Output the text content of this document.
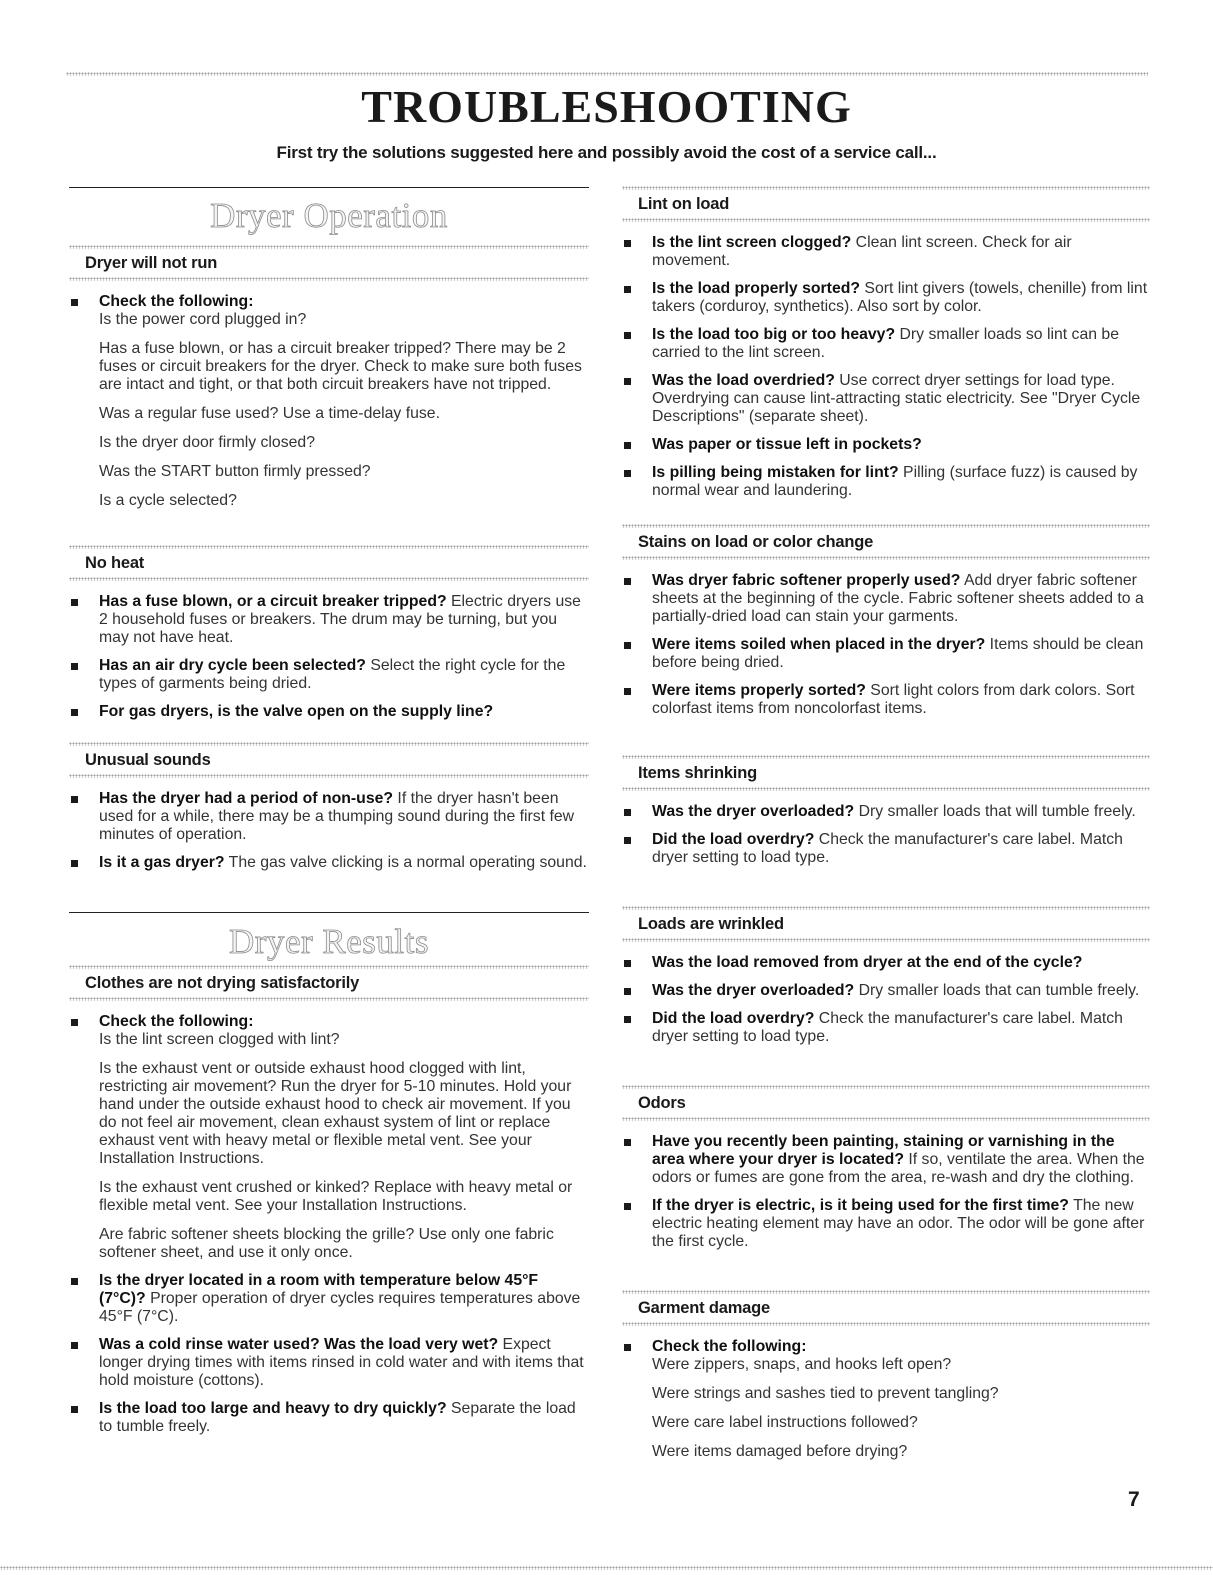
TROUBLESHOOTING

First try the solutions suggested here and possibly avoid the cost of a service call...

Dryer Operation
Dryer will not run
Check the following:
Is the power cord plugged in?
Has a fuse blown, or has a circuit breaker tripped? There may be 2 fuses or circuit breakers for the dryer. Check to make sure both fuses are intact and tight, or that both circuit breakers have not tripped.
Was a regular fuse used? Use a time-delay fuse.
Is the dryer door firmly closed?
Was the START button firmly pressed?
Is a cycle selected?
No heat
Has a fuse blown, or a circuit breaker tripped? Electric dryers use 2 household fuses or breakers. The drum may be turning, but you may not have heat.
Has an air dry cycle been selected? Select the right cycle for the types of garments being dried.
For gas dryers, is the valve open on the supply line?
Unusual sounds
Has the dryer had a period of non-use? If the dryer hasn't been used for a while, there may be a thumping sound during the first few minutes of operation.
Is it a gas dryer? The gas valve clicking is a normal operating sound.
Dryer Results
Clothes are not drying satisfactorily
Check the following:
Is the lint screen clogged with lint?
Is the exhaust vent or outside exhaust hood clogged with lint, restricting air movement? Run the dryer for 5-10 minutes. Hold your hand under the outside exhaust hood to check air movement. If you do not feel air movement, clean exhaust system of lint or replace exhaust vent with heavy metal or flexible metal vent. See your Installation Instructions.
Is the exhaust vent crushed or kinked? Replace with heavy metal or flexible metal vent. See your Installation Instructions.
Are fabric softener sheets blocking the grille? Use only one fabric softener sheet, and use it only once.
Is the dryer located in a room with temperature below 45°F (7°C)? Proper operation of dryer cycles requires temperatures above 45°F (7°C).
Was a cold rinse water used? Was the load very wet? Expect longer drying times with items rinsed in cold water and with items that hold moisture (cottons).
Is the load too large and heavy to dry quickly? Separate the load to tumble freely.
Lint on load
Is the lint screen clogged? Clean lint screen. Check for air movement.
Is the load properly sorted? Sort lint givers (towels, chenille) from lint takers (corduroy, synthetics). Also sort by color.
Is the load too big or too heavy? Dry smaller loads so lint can be carried to the lint screen.
Was the load overdried? Use correct dryer settings for load type. Overdrying can cause lint-attracting static electricity. See "Dryer Cycle Descriptions" (separate sheet).
Was paper or tissue left in pockets?
Is pilling being mistaken for lint? Pilling (surface fuzz) is caused by normal wear and laundering.
Stains on load or color change
Was dryer fabric softener properly used? Add dryer fabric softener sheets at the beginning of the cycle. Fabric softener sheets added to a partially-dried load can stain your garments.
Were items soiled when placed in the dryer? Items should be clean before being dried.
Were items properly sorted? Sort light colors from dark colors. Sort colorfast items from noncolorfast items.
Items shrinking
Was the dryer overloaded? Dry smaller loads that will tumble freely.
Did the load overdry? Check the manufacturer's care label. Match dryer setting to load type.
Loads are wrinkled
Was the load removed from dryer at the end of the cycle?
Was the dryer overloaded? Dry smaller loads that can tumble freely.
Did the load overdry? Check the manufacturer's care label. Match dryer setting to load type.
Odors
Have you recently been painting, staining or varnishing in the area where your dryer is located? If so, ventilate the area. When the odors or fumes are gone from the area, re-wash and dry the clothing.
If the dryer is electric, is it being used for the first time? The new electric heating element may have an odor. The odor will be gone after the first cycle.
Garment damage
Check the following:
Were zippers, snaps, and hooks left open?
Were strings and sashes tied to prevent tangling?
Were care label instructions followed?
Were items damaged before drying?
7
